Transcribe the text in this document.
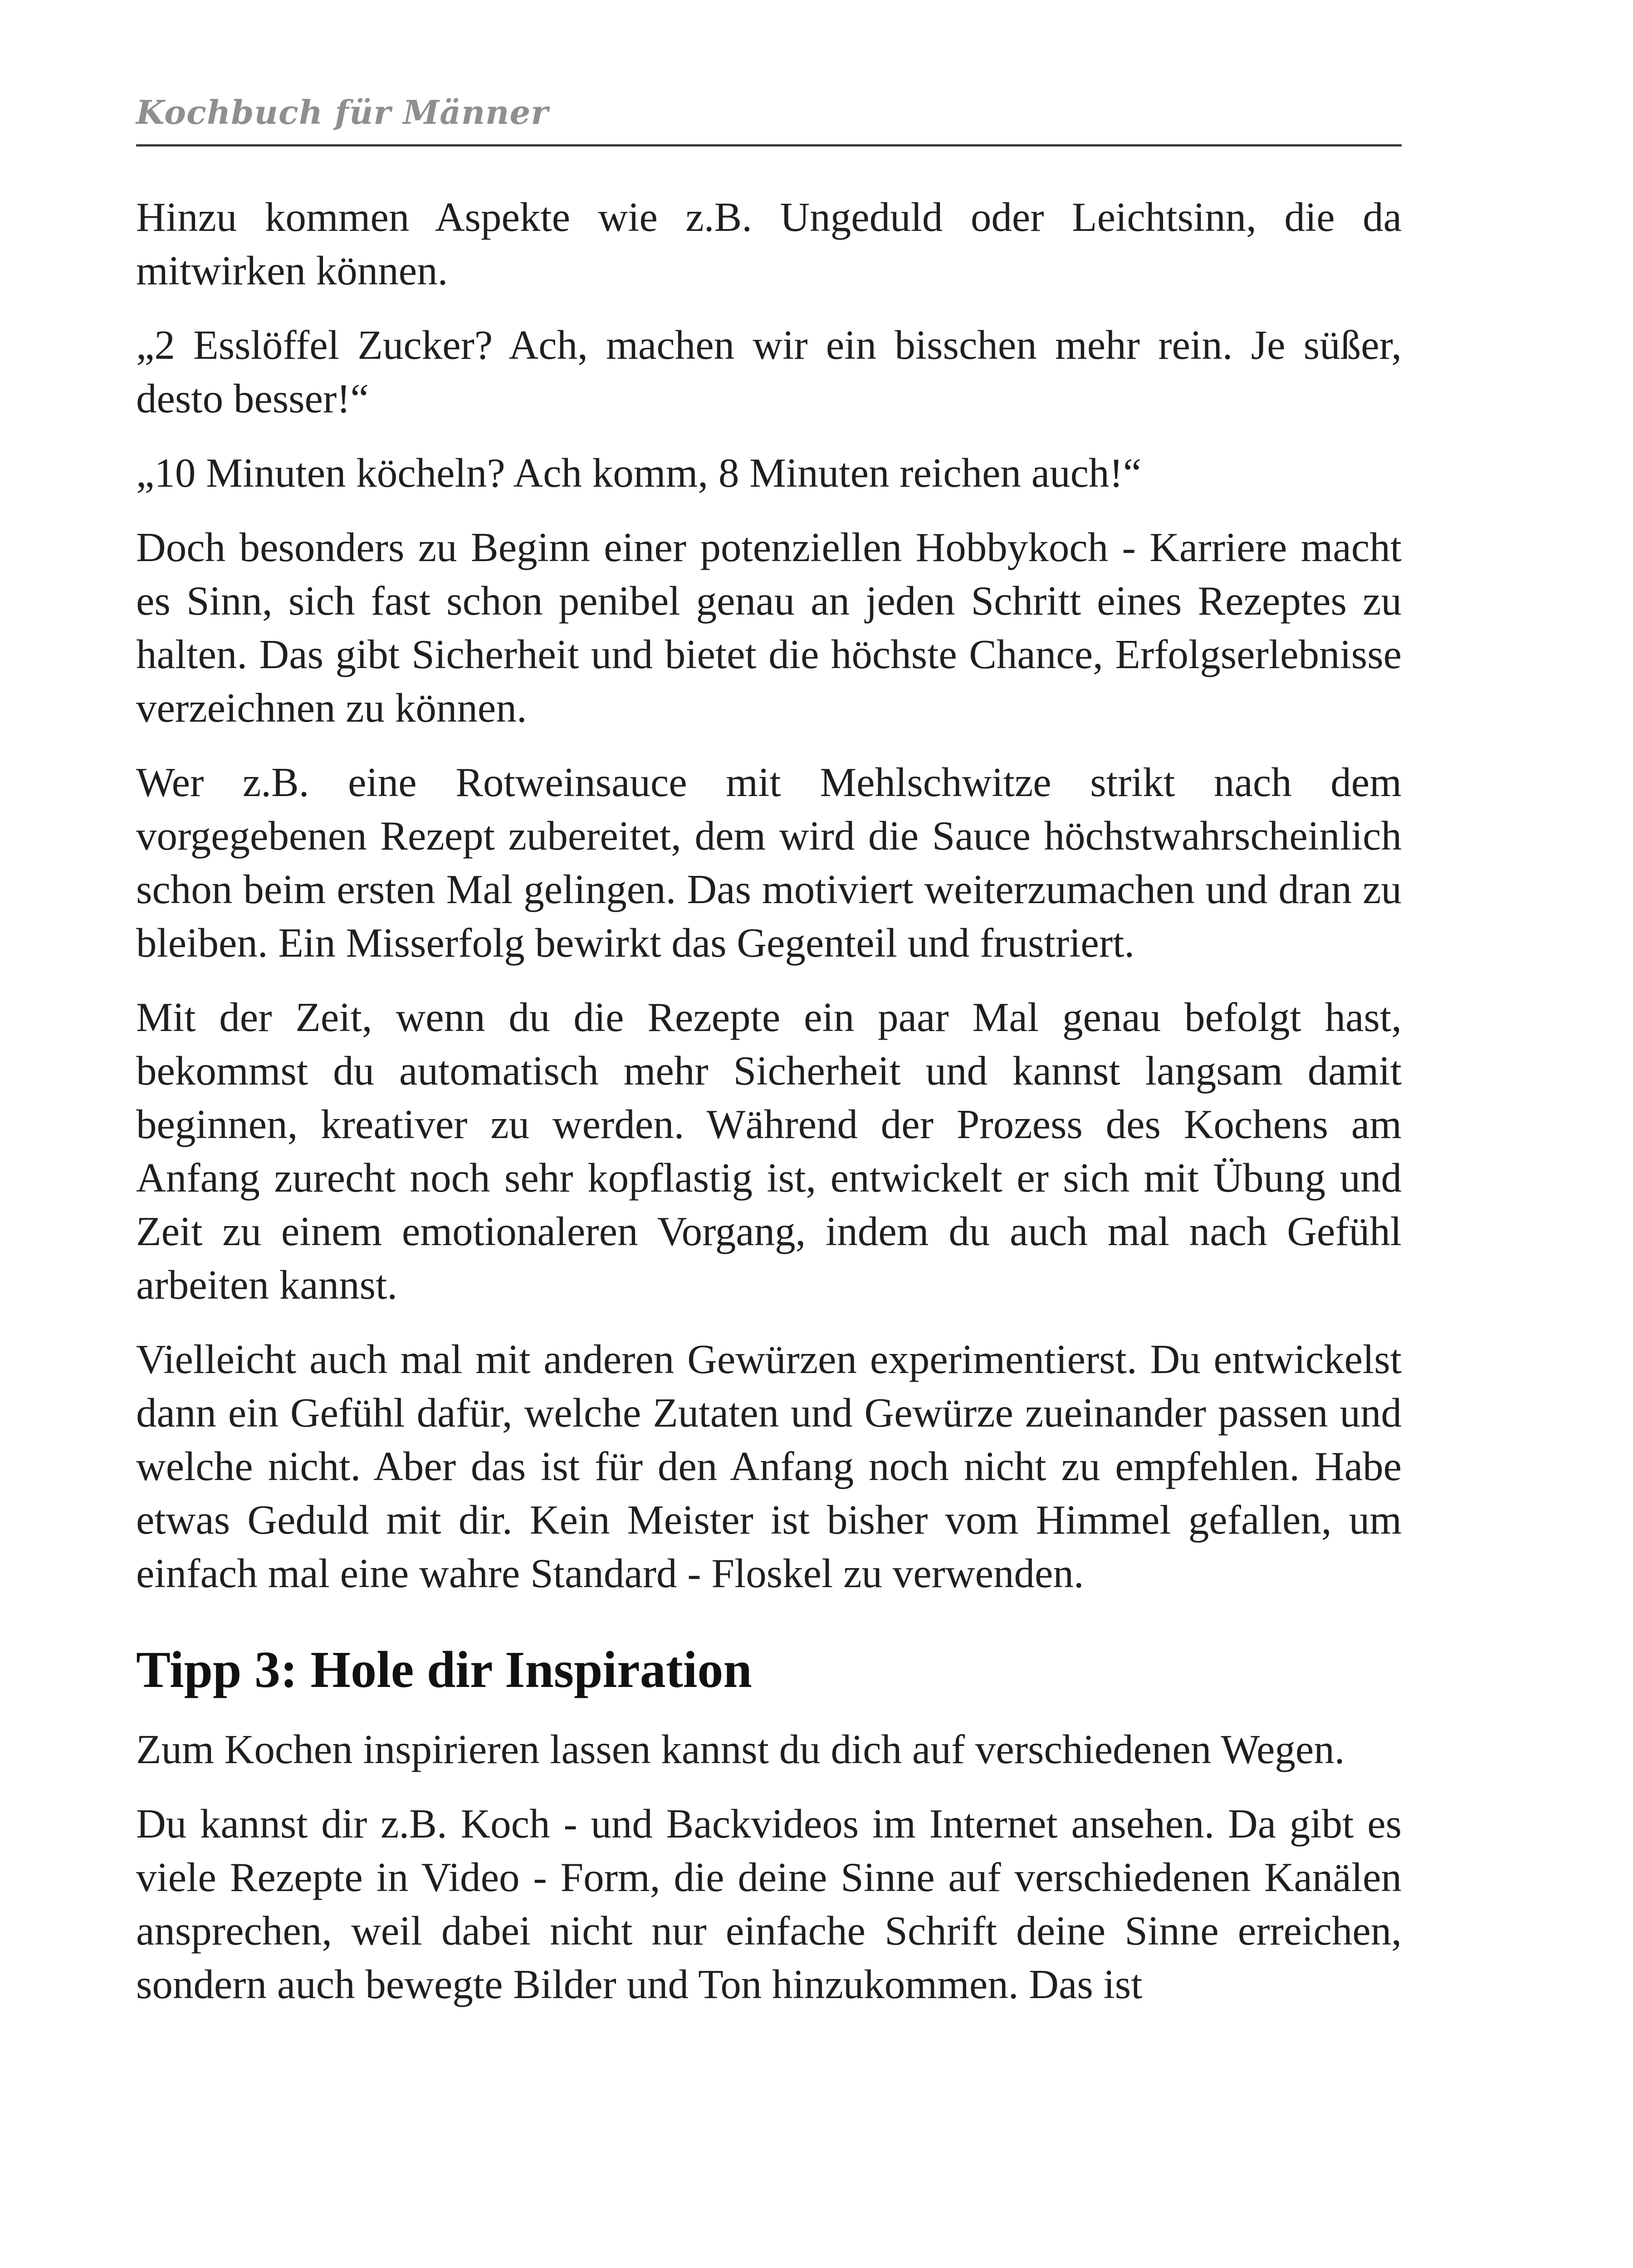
Kochbuch für Männer

Hinzu kommen Aspekte wie z.B. Ungeduld oder Leichtsinn, die da mitwirken können.

„2 Esslöffel Zucker? Ach, machen wir ein bisschen mehr rein. Je süßer, desto besser!“

„10 Minuten köcheln? Ach komm, 8 Minuten reichen auch!“

Doch besonders zu Beginn einer potenziellen Hobbykoch - Karriere macht es Sinn, sich fast schon penibel genau an jeden Schritt eines Rezeptes zu halten. Das gibt Sicherheit und bietet die höchste Chance, Erfolgserlebnisse verzeichnen zu können.

Wer z.B. eine Rotweinsauce mit Mehlschwitze strikt nach dem vorgegebenen Rezept zubereitet, dem wird die Sauce höchstwahrscheinlich schon beim ersten Mal gelingen. Das motiviert weiterzumachen und dran zu bleiben. Ein Misserfolg bewirkt das Gegenteil und frustriert.

Mit der Zeit, wenn du die Rezepte ein paar Mal genau befolgt hast, bekommst du automatisch mehr Sicherheit und kannst langsam damit beginnen, kreativer zu werden. Während der Prozess des Kochens am Anfang zurecht noch sehr kopflastig ist, entwickelt er sich mit Übung und Zeit zu einem emotionaleren Vorgang, indem du auch mal nach Gefühl arbeiten kannst.

Vielleicht auch mal mit anderen Gewürzen experimentierst. Du entwickelst dann ein Gefühl dafür, welche Zutaten und Gewürze zueinander passen und welche nicht. Aber das ist für den Anfang noch nicht zu empfehlen. Habe etwas Geduld mit dir. Kein Meister ist bisher vom Himmel gefallen, um einfach mal eine wahre Standard - Floskel zu verwenden.

Tipp 3: Hole dir Inspiration

Zum Kochen inspirieren lassen kannst du dich auf verschiedenen Wegen.

Du kannst dir z.B. Koch - und Backvideos im Internet ansehen. Da gibt es viele Rezepte in Video - Form, die deine Sinne auf verschiedenen Kanälen ansprechen, weil dabei nicht nur einfache Schrift deine Sinne erreichen, sondern auch bewegte Bilder und Ton hinzukommen. Das ist
